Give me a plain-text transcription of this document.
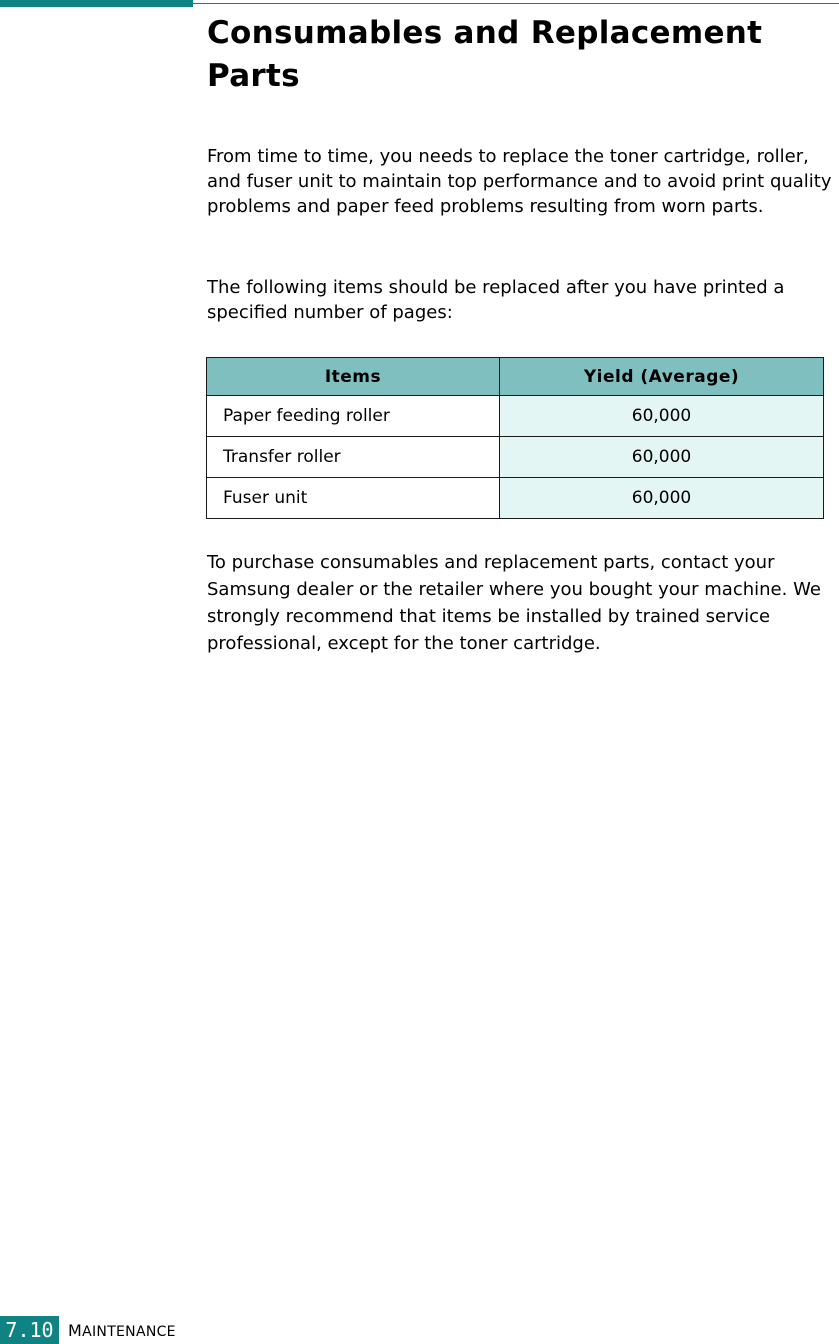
Consumables and Replacement Parts

From time to time, you needs to replace the toner cartridge, roller, and fuser unit to maintain top performance and to avoid print quality problems and paper feed problems resulting from worn parts.

The following items should be replaced after you have printed a specified number of pages:

Items	Yield (Average)
Paper feeding roller	60,000
Transfer roller	60,000
Fuser unit	60,000

To purchase consumables and replacement parts, contact your Samsung dealer or the retailer where you bought your machine. We strongly recommend that items be installed by trained service professional, except for the toner cartridge.

7.10 MAINTENANCE
